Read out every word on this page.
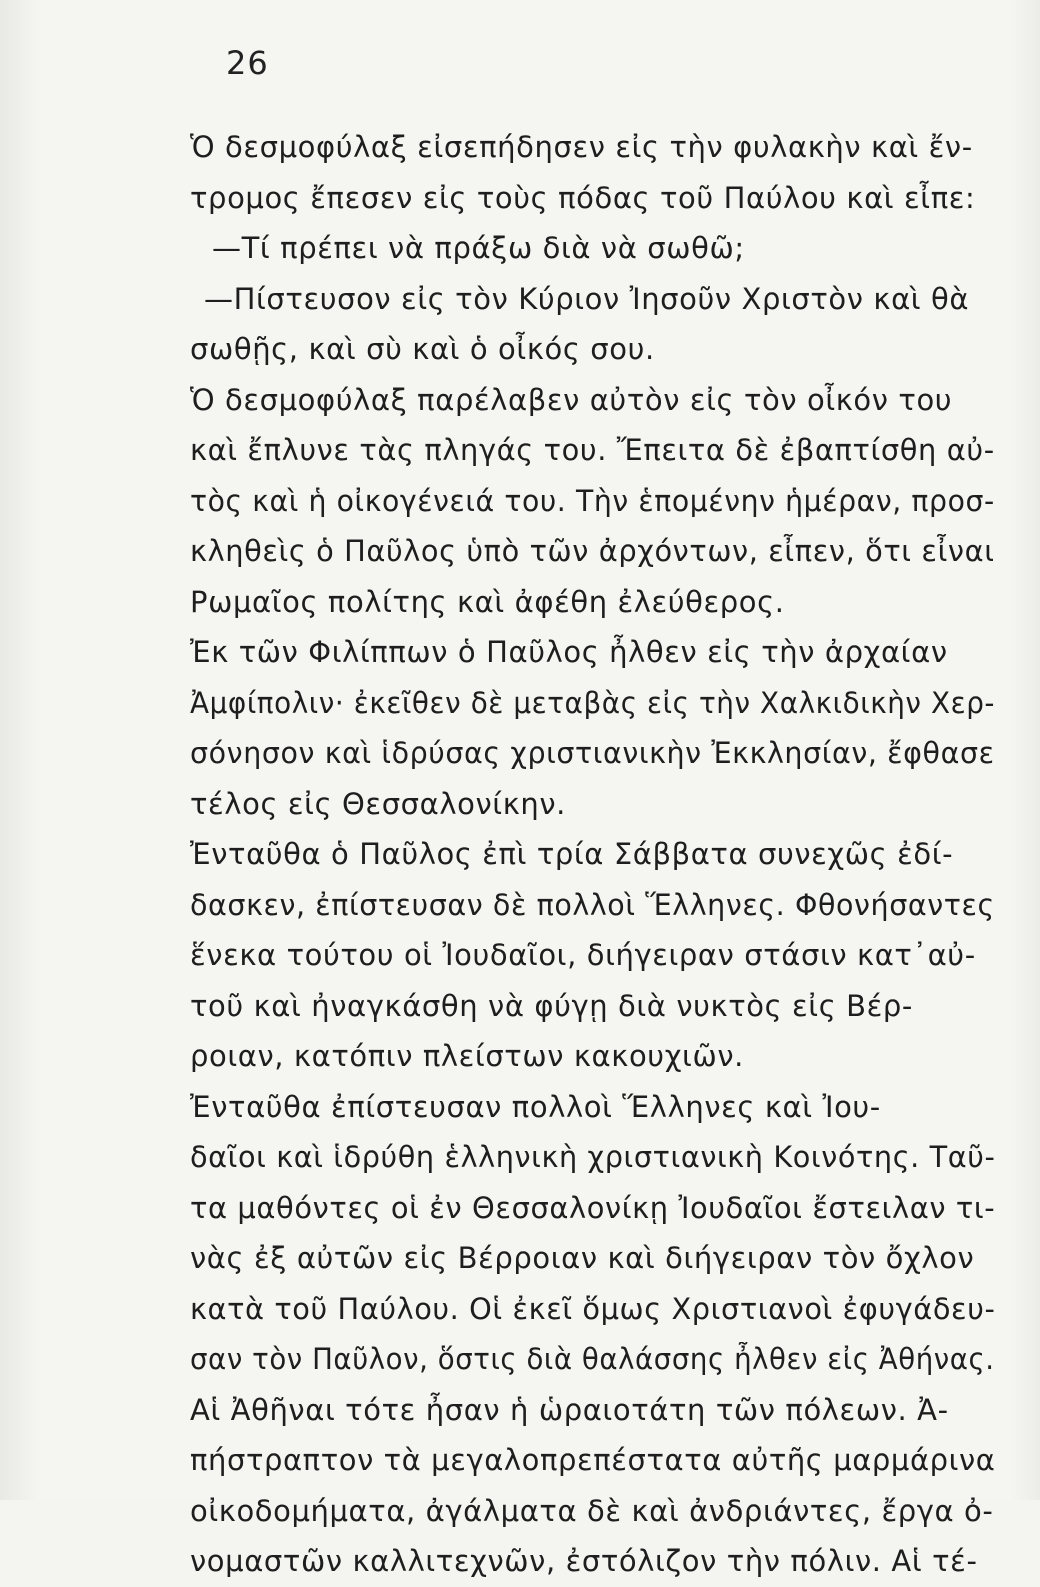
26
Ὁ δεσμοφύλαξ εἰσεπήδησεν εἰς τὴν φυλακὴν καὶ ἔν-
τρομος ἔπεσεν εἰς τοὺς πόδας τοῦ Παύλου καὶ εἶπε:
—Τί πρέπει νὰ πράξω διὰ νὰ σωθῶ;
—Πίστευσον εἰς τὸν Κύριον Ἰησοῦν Χριστὸν καὶ θὰ
σωθῇς, καὶ σὺ καὶ ὁ οἶκός σου.
Ὁ δεσμοφύλαξ παρέλαβεν αὐτὸν εἰς τὸν οἶκόν του
καὶ ἔπλυνε τὰς πληγάς του. Ἔπειτα δὲ ἐβαπτίσθη αὐ-
τὸς καὶ ἡ οἰκογένειά του. Τὴν ἑπομένην ἡμέραν, προσ-
κληθεὶς ὁ Παῦλος ὑπὸ τῶν ἀρχόντων, εἶπεν, ὅτι εἶναι
Ρωμαῖος πολίτης καὶ ἀφέθη ἐλεύθερος.
Ἐκ τῶν Φιλίππων ὁ Παῦλος ἦλθεν εἰς τὴν ἀρχαίαν
Ἀμφίπολιν· ἐκεῖθεν δὲ μεταβὰς εἰς τὴν Χαλκιδικὴν Χερ-
σόνησον καὶ ἱδρύσας χριστιανικὴν Ἐκκλησίαν, ἔφθασε
τέλος εἰς Θεσσαλονίκην.
Ἐνταῦθα ὁ Παῦλος ἐπὶ τρία Σάββατα συνεχῶς ἐδί-
δασκεν, ἐπίστευσαν δὲ πολλοὶ Ἕλληνες. Φθονήσαντες
ἕνεκα τούτου οἱ Ἰουδαῖοι, διήγειραν στάσιν κατ᾿αὐ-
τοῦ καὶ ἠναγκάσθη νὰ φύγῃ διὰ νυκτὸς εἰς Βέρ-
ροιαν, κατόπιν πλείστων κακουχιῶν.
Ἐνταῦθα ἐπίστευσαν πολλοὶ Ἕλληνες καὶ Ἰου-
δαῖοι καὶ ἱδρύθη ἑλληνικὴ χριστιανικὴ Κοινότης. Ταῦ-
τα μαθόντες οἱ ἐν Θεσσαλονίκῃ Ἰουδαῖοι ἔστειλαν τι-
νὰς ἐξ αὐτῶν εἰς Βέρροιαν καὶ διήγειραν τὸν ὄχλον
κατὰ τοῦ Παύλου. Οἱ ἐκεῖ ὅμως Χριστιανοὶ ἐφυγάδευ-
σαν τὸν Παῦλον, ὅστις διὰ θαλάσσης ἦλθεν εἰς Ἀθήνας.
Αἱ Ἀθῆναι τότε ἦσαν ἡ ὡραιοτάτη τῶν πόλεων. Ἀ-
πήστραπτον τὰ μεγαλοπρεπέστατα αὐτῆς μαρμάρινα
οἰκοδομήματα, ἀγάλματα δὲ καὶ ἀνδριάντες, ἔργα ὀ-
νομαστῶν καλλιτεχνῶν, ἐστόλιζον τὴν πόλιν. Αἱ τέ-
